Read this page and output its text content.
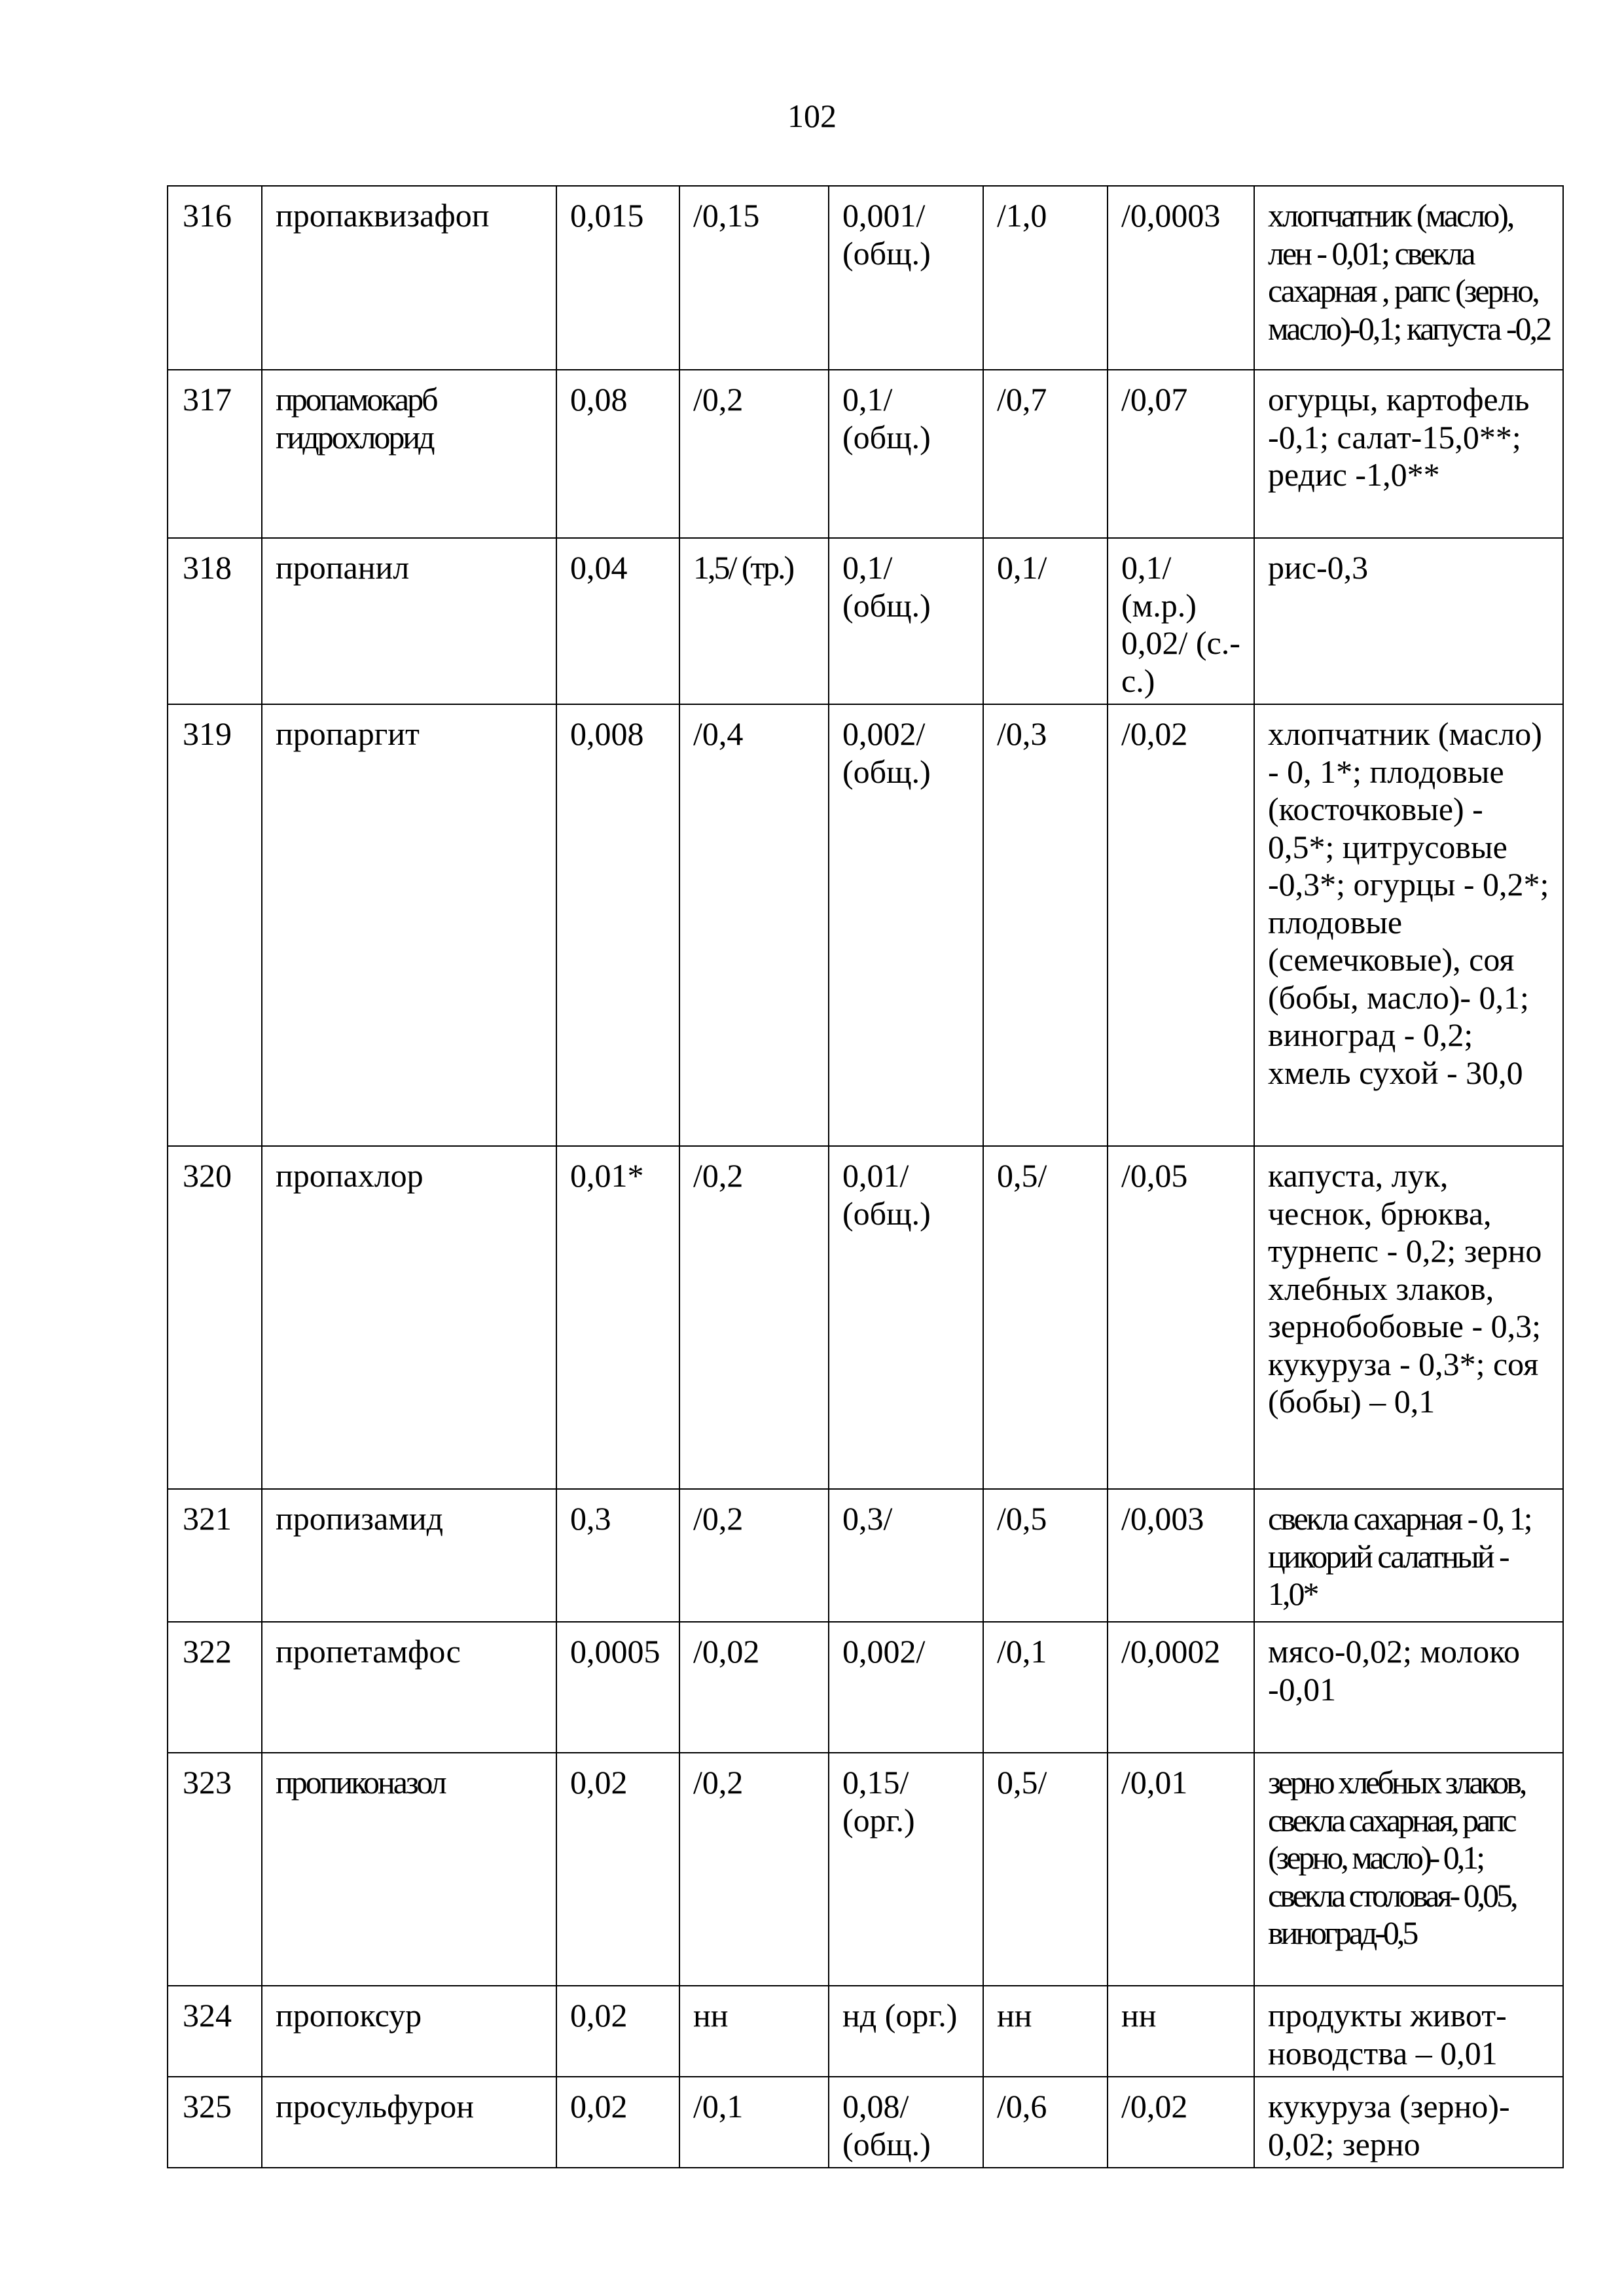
102
316	пропаквизафоп	0,015	/0,15	0,001/ (общ.)	/1,0	/0,0003	хлопчатник (масло), лен - 0,01; свекла сахарная , рапс (зерно, масло)-0,1; капуста -0,2
317	пропамокарб гидрохлорид	0,08	/0,2	0,1/ (общ.)	/0,7	/0,07	огурцы, картофель -0,1; салат-15,0**; редис -1,0**
318	пропанил	0,04	1,5/ (тр.)	0,1/ (общ.)	0,1/	0,1/ (м.р.) 0,02/ (с.-с.)	рис-0,3
319	пропаргит	0,008	/0,4	0,002/ (общ.)	/0,3	/0,02	хлопчатник (масло) - 0, 1*; плодовые (косточковые) - 0,5*; цитрусовые -0,3*; огурцы - 0,2*; плодовые (семечковые), соя (бобы, масло)- 0,1; виноград - 0,2; хмель сухой - 30,0
320	пропахлор	0,01*	/0,2	0,01/ (общ.)	0,5/	/0,05	капуста, лук, чеснок, брюква, турнепс - 0,2; зерно хлебных злаков, зернобобовые - 0,3; кукуруза - 0,3*; соя (бобы) – 0,1
321	пропизамид	0,3	/0,2	0,3/	/0,5	/0,003	свекла сахарная - 0, 1; цикорий салатный - 1,0*
322	пропетамфос	0,0005	/0,02	0,002/	/0,1	/0,0002	мясо-0,02; молоко -0,01
323	пропиконазол	0,02	/0,2	0,15/ (орг.)	0,5/	/0,01	зерно хлебных злаков, свекла сахарная, рапс (зерно, масло)- 0,1; свекла столовая- 0,05, виноград-0,5
324	пропоксур	0,02	нн	нд (орг.)	нн	нн	продукты живот-новодства – 0,01
325	просульфурон	0,02	/0,1	0,08/ (общ.)	/0,6	/0,02	кукуруза (зерно)- 0,02; зерно
